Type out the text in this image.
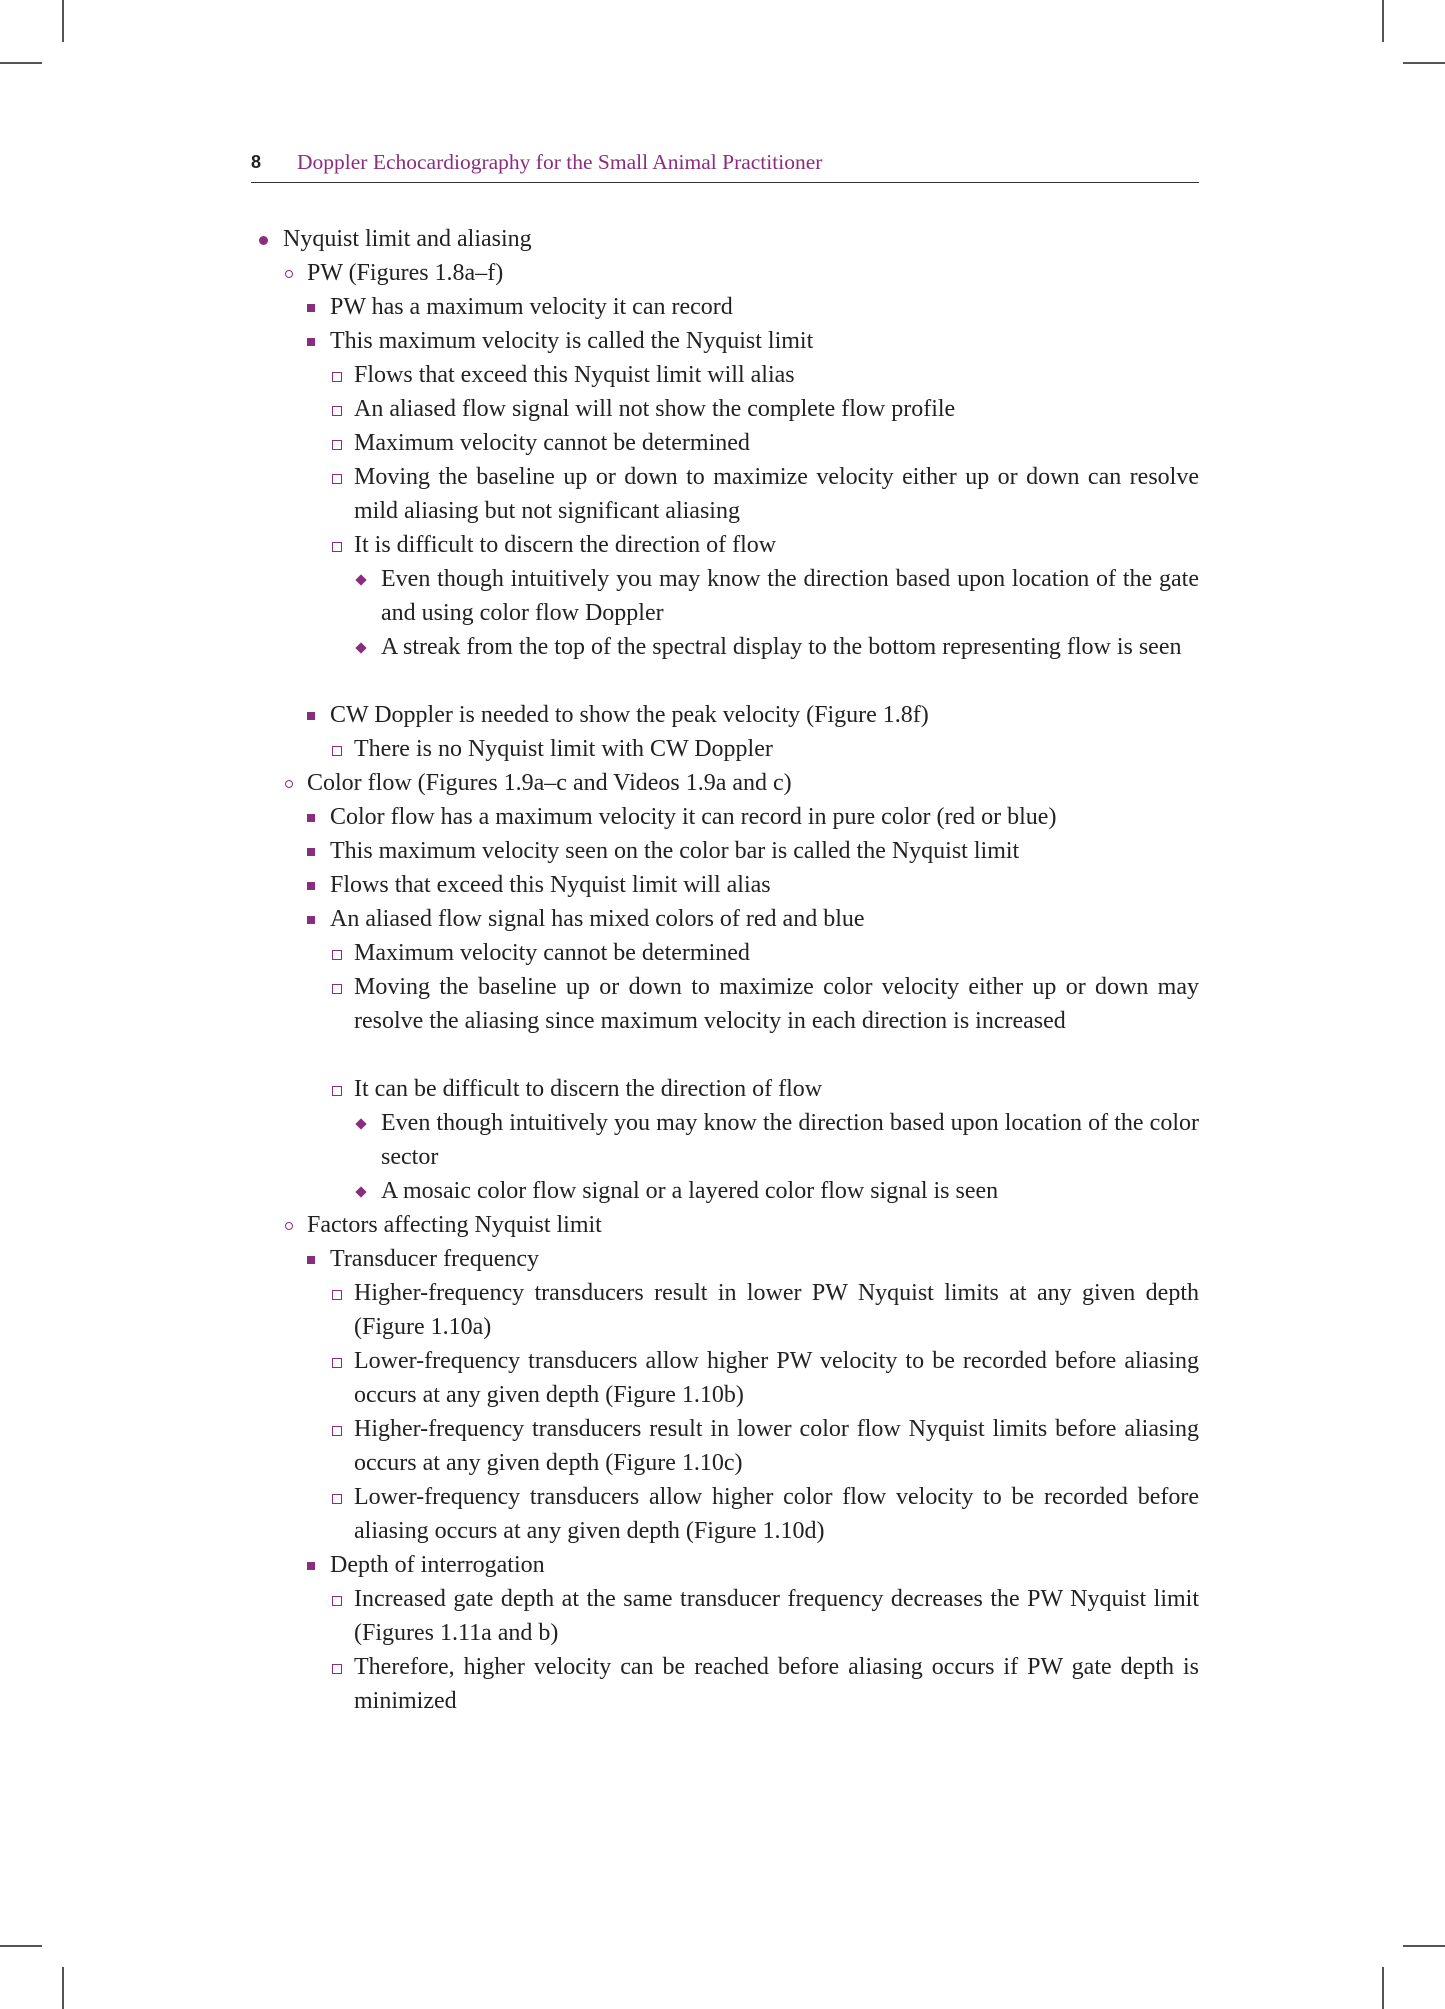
8 Doppler Echocardiography for the Small Animal Practitioner
Nyquist limit and aliasing
PW (Figures 1.8a–f)
PW has a maximum velocity it can record
This maximum velocity is called the Nyquist limit
Flows that exceed this Nyquist limit will alias
An aliased flow signal will not show the complete flow profile
Maximum velocity cannot be determined
Moving the baseline up or down to maximize velocity either up or down can resolve mild aliasing but not significant aliasing
It is difficult to discern the direction of flow
Even though intuitively you may know the direction based upon location of the gate and using color flow Doppler
A streak from the top of the spectral display to the bottom representing flow is seen
CW Doppler is needed to show the peak velocity (Figure 1.8f)
There is no Nyquist limit with CW Doppler
Color flow (Figures 1.9a–c and Videos 1.9a and c)
Color flow has a maximum velocity it can record in pure color (red or blue)
This maximum velocity seen on the color bar is called the Nyquist limit
Flows that exceed this Nyquist limit will alias
An aliased flow signal has mixed colors of red and blue
Maximum velocity cannot be determined
Moving the baseline up or down to maximize color velocity either up or down may resolve the aliasing since maximum velocity in each direction is increased
It can be difficult to discern the direction of flow
Even though intuitively you may know the direction based upon location of the color sector
A mosaic color flow signal or a layered color flow signal is seen
Factors affecting Nyquist limit
Transducer frequency
Higher-frequency transducers result in lower PW Nyquist limits at any given depth (Figure 1.10a)
Lower-frequency transducers allow higher PW velocity to be recorded before aliasing occurs at any given depth (Figure 1.10b)
Higher-frequency transducers result in lower color flow Nyquist limits before aliasing occurs at any given depth (Figure 1.10c)
Lower-frequency transducers allow higher color flow velocity to be recorded before aliasing occurs at any given depth (Figure 1.10d)
Depth of interrogation
Increased gate depth at the same transducer frequency decreases the PW Nyquist limit (Figures 1.11a and b)
Therefore, higher velocity can be reached before aliasing occurs if PW gate depth is minimized
